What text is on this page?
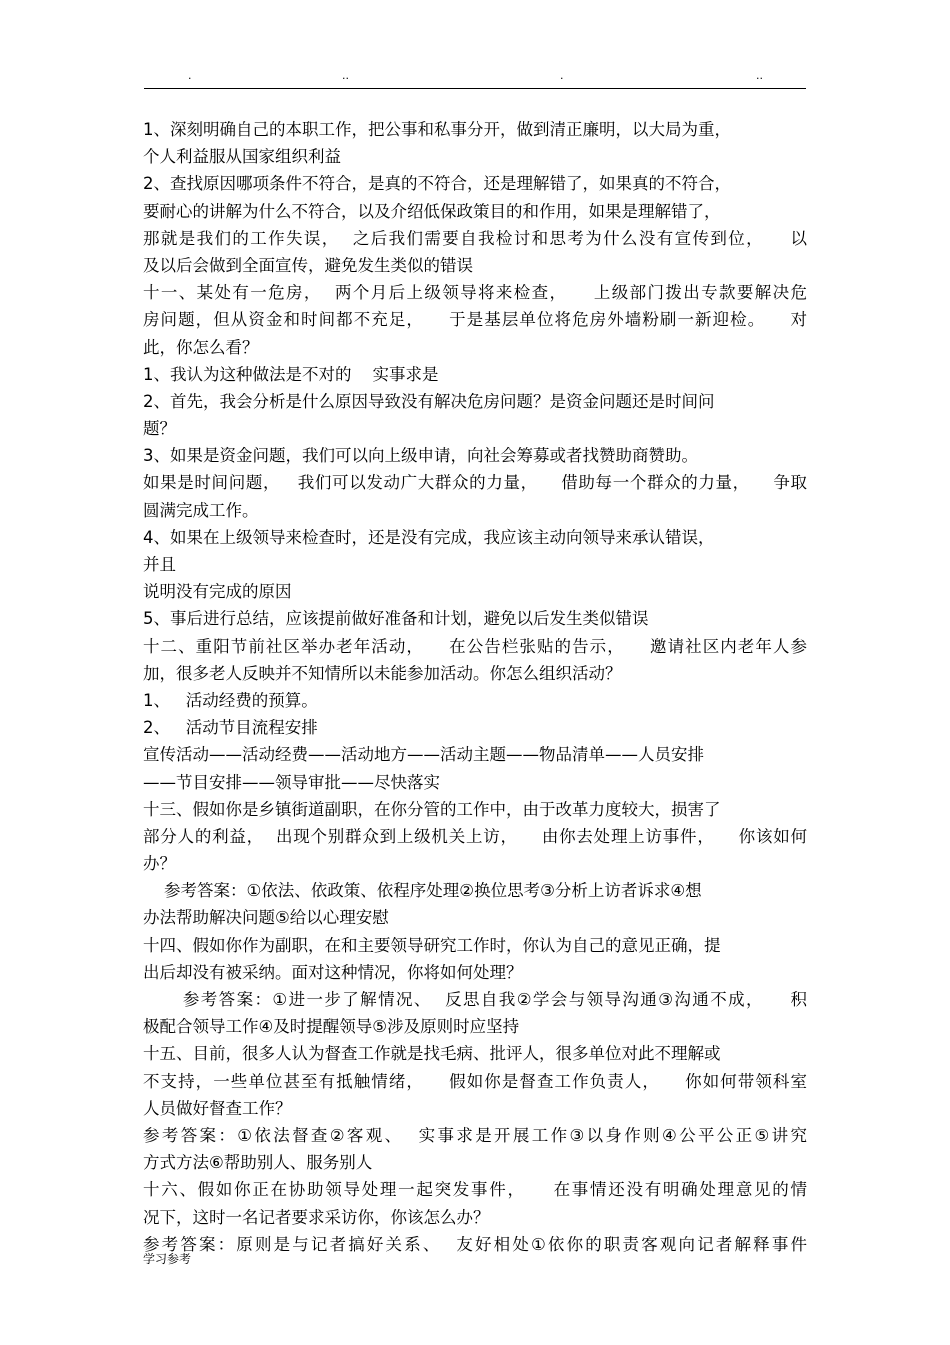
.	..	.	..
1、深刻明确自己的本职工作，把公事和私事分开，做到清正廉明，以大局为重，
个人利益服从国家组织利益
2、查找原因哪项条件不符合，是真的不符合，还是理解错了，如果真的不符合，
要耐心的讲解为什么不符合，以及介绍低保政策目的和作用，如果是理解错了，
那就是我们的工作失误，  之后我们需要自我检讨和思考为什么没有宣传到位，    以
及以后会做到全面宣传，避免发生类似的错误
十一、某处有一危房，  两个月后上级领导将来检查，    上级部门拨出专款要解决危
房问题，但从资金和时间都不充足，    于是基层单位将危房外墙粉刷一新迎检。    对
此，你怎么看？
1、我认为这种做法是不对的    实事求是
2、首先，我会分析是什么原因导致没有解决危房问题？是资金问题还是时间问
题？
3、如果是资金问题，我们可以向上级申请，向社会筹募或者找赞助商赞助。
如果是时间问题，   我们可以发动广大群众的力量，    借助每一个群众的力量，    争取
圆满完成工作。
4、如果在上级领导来检查时，还是没有完成，我应该主动向领导来承认错误，
并且
说明没有完成的原因
5、事后进行总结，应该提前做好准备和计划，避免以后发生类似错误
十二、重阳节前社区举办老年活动，    在公告栏张贴的告示，    邀请社区内老年人参
加，很多老人反映并不知情所以未能参加活动。你怎么组织活动？
1、   活动经费的预算。
2、   活动节目流程安排
宣传活动——活动经费——活动地方——活动主题——物品清单——人员安排
——节目安排——领导审批——尽快落实
十三、假如你是乡镇街道副职，在你分管的工作中，由于改革力度较大，损害了
部分人的利益，  出现个别群众到上级机关上访，    由你去处理上访事件，    你该如何
办？
参考答案：①依法、依政策、依程序处理②换位思考③分析上访者诉求④想
办法帮助解决问题⑤给以心理安慰
十四、假如你作为副职，在和主要领导研究工作时，你认为自己的意见正确，提
出后却没有被采纳。面对这种情况，你将如何处理？
参考答案：①进一步了解情况、  反思自我②学会与领导沟通③沟通不成，    积
极配合领导工作④及时提醒领导⑤涉及原则时应坚持
十五、目前，很多人认为督查工作就是找毛病、批评人，很多单位对此不理解或
不支持，一些单位甚至有抵触情绪，    假如你是督查工作负责人，    你如何带领科室
人员做好督查工作？
参考答案：①依法督查②客观、  实事求是开展工作③以身作则④公平公正⑤讲究
方式方法⑥帮助别人、服务别人
十六、假如你正在协助领导处理一起突发事件，    在事情还没有明确处理意见的情
况下，这时一名记者要求采访你，你该怎么办？
参考答案：原则是与记者搞好关系、  友好相处①依你的职责客观向记者解释事件
学习参考
